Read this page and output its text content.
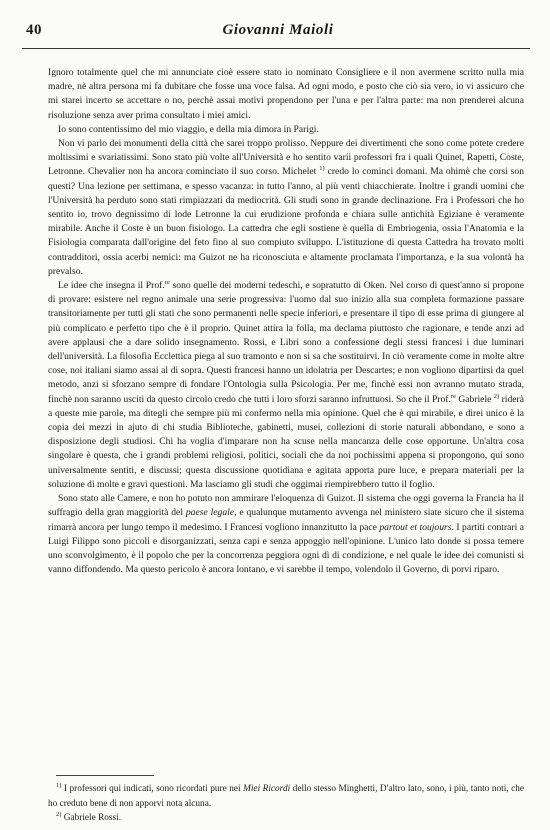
40	Giovanni Maioli

Ignoro totalmente quel che mi annunciate cioè essere stato io nominato Consigliere e il non avermene scritto nulla mia madre, nè altra persona mi fa dubitare che fosse una voce falsa. Ad ogni modo, e posto che ciò sia vero, io vi assicuro che mi starei incerto se accettare o no, perchè assai motivi propendono per l'una e per l'altra parte: ma non prenderei alcuna risoluzione senza aver prima consultato i miei amici.

Io sono contentissimo del mio viaggio, e della mia dimora in Parigi.

Non vi parlo dei monumenti della città che sarei troppo prolisso. Neppure dei divertimenti che sono come potete credere moltissimi e svariatissimi. Sono stato più volte all'Università e ho sentito varii professori fra i quali Quinet, Rapetti, Coste, Letronne. Chevalier non ha ancora cominciato il suo corso. Michelet $^{1)}$ credo lo cominci domani. Ma ohimè che corsi son questi? Una lezione per settimana, e spesso vacanza: in tutto l'anno, al più venti chiacchierate. Inoltre i grandi uomini che l'Università ha perduto sono stati rimpiazzati da mediocrità. Gli studi sono in grande declinazione. Fra i Professori che ho sentito io, trovo degnissimo di lode Letronne la cui erudizione profonda e chiara sulle antichità Egiziane è veramente mirabile. Anche il Coste è un buon fisiologo. La cattedra che egli sostiene è quella di Embriogenia, ossia l'Anatomia e la Fisiologia comparata dall'origine del feto fino al suo compiuto sviluppo. L'istituzione di questa Cattedra ha trovato molti contradditori, ossia acerbi nemici: ma Guizot ne ha riconosciuta e altamente proclamata l'importanza, e la sua volontà ha prevalso.

Le idee che insegna il Prof.$^{re}$ sono quelle dei moderni tedeschi, e sopratutto di Oken. Nel corso di quest'anno si propone di provare: esistere nel regno animale una serie progressiva: l'uomo dal suo inizio alla sua completa formazione passare transitoriamente per tutti gli stati che sono permanenti nelle specie inferiori, e presentare il tipo di esse prima di giungere al più complicato e perfetto tipo che è il proprio. Quinet attira la folla, ma declama piuttosto che ragionare, e tende anzi ad avere applausi che a dare solido insegnamento. Rossi, e Libri sono a confessione degli stessi francesi i due luminari dell'università. La filosofia Ecclettica piega al suo tramonto e non si sa che sostituirvi. In ciò veramente come in molte altre cose, noi italiani siamo assai al di sopra. Questi francesi hanno un idolatria per Descartes; e non vogliono dipartirsi da quel metodo, anzi si sforzano sempre di fondare l'Ontologia sulla Psicologia. Per me, finchè essi non avranno mutato strada, finchè non saranno usciti da questo circolo credo che tutti i loro sforzi saranno infruttuosi. So che il Prof.$^{re}$ Gabriele $^{2)}$ riderà a queste mie parole, ma ditegli che sempre più mi confermo nella mia opinione. Quel che è qui mirabile, e direi unico è la copia dei mezzi in ajuto di chi studia Biblioteche, gabinetti, musei, collezioni di storie naturali abbondano, e sono a disposizione degli studiosi. Chi ha voglia d'imparare non ha scuse nella mancanza delle cose opportune. Un'altra cosa singolare è questa, che i grandi problemi religiosi, politici, sociali che da noi pochissimi appena si propongono, qui sono universalmente sentiti, e discussi; questa discussione quotidiana e agitata apporta pure luce, e prepara materiali per la soluzione di molte e gravi questioni. Ma lasciamo gli studi che oggimai riempirebbero tutto il foglio.

Sono stato alle Camere, e non ho potuto non ammirare l'eloquenza di Guizot. Il sistema che oggi governa la Francia ha il suffragio della gran maggiorità del paese legale, e qualunque mutamento avvenga nel ministero siate sicuro che il sistema rimarrà ancora per lungo tempo il medesimo. I Francesi vogliono innanzitutto la pace partout et toujours. I partiti contrari a Luigi Filippo sono piccoli e disorganizzati, senza capi e senza appoggio nell'opinione. L'unico lato donde si possa temere uno sconvolgimento, è il popolo che per la concorrenza peggiora ogni dì di condizione, e nel quale le idee dei comunisti si vanno diffondendo. Ma questo pericolo è ancora lontano, e vi sarebbe il tempo, volendolo il Governo, di porvi riparo.

$^{1)}$ I professori qui indicati, sono ricordati pure nei Miei Ricordi dello stesso Minghetti, D'altro lato, sono, i più, tanto noti, che ho creduto bene di non apporvi nota alcuna.

$^{2)}$ Gabriele Rossi.
